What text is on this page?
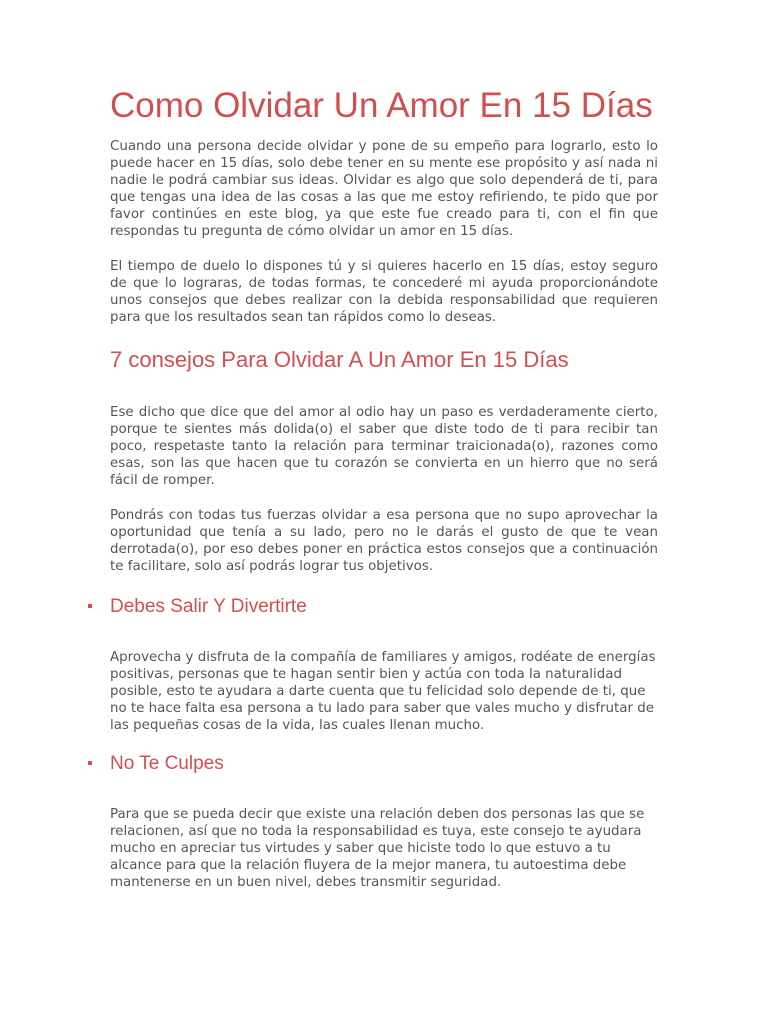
Como Olvidar Un Amor En 15 Días

Cuando una persona decide olvidar y pone de su empeño para lograrlo, esto lo puede hacer en 15 días, solo debe tener en su mente ese propósito y así nada ni nadie le podrá cambiar sus ideas. Olvidar es algo que solo dependerá de ti, para que tengas una idea de las cosas a las que me estoy refiriendo, te pido que por favor continúes en este blog, ya que este fue creado para ti, con el fin que respondas tu pregunta de cómo olvidar un amor en 15 días.

El tiempo de duelo lo dispones tú y si quieres hacerlo en 15 días, estoy seguro de que lo lograras, de todas formas, te concederé mi ayuda proporcionándote unos consejos que debes realizar con la debida responsabilidad que requieren para que los resultados sean tan rápidos como lo deseas.

7 consejos Para Olvidar A Un Amor En 15 Días

Ese dicho que dice que del amor al odio hay un paso es verdaderamente cierto, porque te sientes más dolida(o) el saber que diste todo de ti para recibir tan poco, respetaste tanto la relación para terminar traicionada(o), razones como esas, son las que hacen que tu corazón se convierta en un hierro que no será fácil de romper.

Pondrás con todas tus fuerzas olvidar a esa persona que no supo aprovechar la oportunidad que tenía a su lado, pero no le darás el gusto de que te vean derrotada(o), por eso debes poner en práctica estos consejos que a continuación te facilitare, solo así podrás lograr tus objetivos.

Debes Salir Y Divertirte

Aprovecha y disfruta de la compañía de familiares y amigos, rodéate de energías positivas, personas que te hagan sentir bien y actúa con toda la naturalidad posible, esto te ayudara a darte cuenta que tu felicidad solo depende de ti, que no te hace falta esa persona a tu lado para saber que vales mucho y disfrutar de las pequeñas cosas de la vida, las cuales llenan mucho.

No Te Culpes

Para que se pueda decir que existe una relación deben dos personas las que se relacionen, así que no toda la responsabilidad es tuya, este consejo te ayudara mucho en apreciar tus virtudes y saber que hiciste todo lo que estuvo a tu alcance para que la relación fluyera de la mejor manera, tu autoestima debe mantenerse en un buen nivel, debes transmitir seguridad.
